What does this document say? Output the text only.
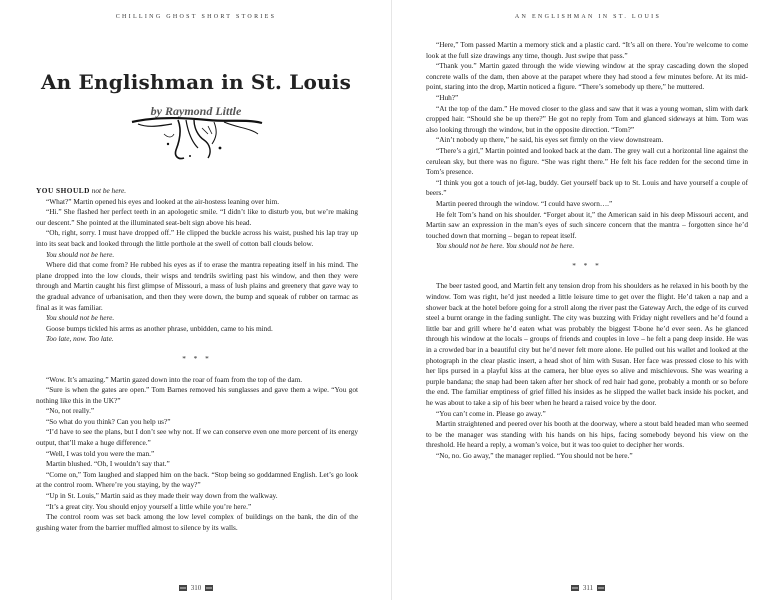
CHILLING GHOST SHORT STORIES
An Englishman in St. Louis
by Raymond Little

YOU SHOULD not be here.

“What?” Martin opened his eyes and looked at the air-hostess leaning over him.

“Hi.” She flashed her perfect teeth in an apologetic smile. “I didn’t like to disturb you, but we’re making our descent.” She pointed at the illuminated seat-belt sign above his head.

“Oh, right, sorry. I must have dropped off.” He clipped the buckle across his waist, pushed his lap tray up into its seat back and looked through the little porthole at the swell of cotton ball clouds below.

You should not be here.

Where did that come from? He rubbed his eyes as if to erase the mantra repeating itself in his mind. The plane dropped into the low clouds, their wisps and tendrils swirling past his window, and then they were through and Martin caught his first glimpse of Missouri, a mass of lush plains and greenery that gave way to the gradual advance of urbanisation, and then they were down, the bump and squeak of rubber on tarmac as final as it was familiar.

You should not be here.

Goose bumps tickled his arms as another phrase, unbidden, came to his mind.

Too late, now. Too late.

* * *

“Wow. It’s amazing.” Martin gazed down into the roar of foam from the top of the dam.

“Sure is when the gates are open.” Tom Barnes removed his sunglasses and gave them a wipe. “You got nothing like this in the UK?”

“No, not really.”

“So what do you think? Can you help us?”

“I’d have to see the plans, but I don’t see why not. If we can conserve even one more percent of its energy output, that’ll make a huge difference.”

“Well, I was told you were the man.”

Martin blushed. “Oh, I wouldn’t say that.”

“Come on,” Tom laughed and slapped him on the back. “Stop being so goddamned English. Let’s go look at the control room. Where’re you staying, by the way?”

“Up in St. Louis,” Martin said as they made their way down from the walkway.

“It’s a great city. You should enjoy yourself a little while you’re here.”

The control room was set back among the low level complex of buildings on the bank, the din of the gushing water from the barrier muffled almost to silence by its walls.

310
AN ENGLISHMAN IN ST. LOUIS

“Here,” Tom passed Martin a memory stick and a plastic card. “It’s all on there. You’re welcome to come look at the full size drawings any time, though. Just swipe that pass.”

“Thank you.” Martin gazed through the wide viewing window at the spray cascading down the sloped concrete walls of the dam, then above at the parapet where they had stood a few minutes before. At its mid-point, staring into the drop, Martin noticed a figure. “There’s somebody up there,” he muttered.

“Huh?”

“At the top of the dam.” He moved closer to the glass and saw that it was a young woman, slim with dark cropped hair. “Should she be up there?” He got no reply from Tom and glanced sideways at him. Tom was also looking through the window, but in the opposite direction. “Tom?”

“Ain’t nobody up there,” he said, his eyes set firmly on the view downstream.

“There’s a girl,” Martin pointed and looked back at the dam. The grey wall cut a horizontal line against the cerulean sky, but there was no figure. “She was right there.” He felt his face redden for the second time in Tom’s presence.

“I think you got a touch of jet-lag, buddy. Get yourself back up to St. Louis and have yourself a couple of beers.”

Martin peered through the window. “I could have sworn….”

He felt Tom’s hand on his shoulder. “Forget about it,” the American said in his deep Missouri accent, and Martin saw an expression in the man’s eyes of such sincere concern that the mantra – forgotten since he’d touched down that morning – began to repeat itself.

You should not be here. You should not be here.

* * *

The beer tasted good, and Martin felt any tension drop from his shoulders as he relaxed in his booth by the window. Tom was right, he’d just needed a little leisure time to get over the flight. He’d taken a nap and a shower back at the hotel before going for a stroll along the river past the Gateway Arch, the edge of its curved steel a burnt orange in the fading sunlight. The city was buzzing with Friday night revellers and he’d found a little bar and grill where he’d eaten what was probably the biggest T-bone he’d ever seen. As he glanced through his window at the locals – groups of friends and couples in love – he felt a pang deep inside. He was in a crowded bar in a beautiful city but he’d never felt more alone. He pulled out his wallet and looked at the photograph in the clear plastic insert, a head shot of him with Susan. Her face was pressed close to his with her lips pursed in a playful kiss at the camera, her blue eyes so alive and mischievous. She was wearing a purple bandana; the snap had been taken after her shock of red hair had gone, probably a month or so before the end. The familiar emptiness of grief filled his insides as he slipped the wallet back inside his pocket, and he was about to take a sip of his beer when he heard a raised voice by the door.

“You can’t come in. Please go away.”

Martin straightened and peered over his booth at the doorway, where a stout bald headed man who seemed to be the manager was standing with his hands on his hips, facing somebody beyond his view on the threshold. He heard a reply, a woman’s voice, but it was too quiet to decipher her words.

“No, no. Go away,” the manager replied. “You should not be here.”

311
